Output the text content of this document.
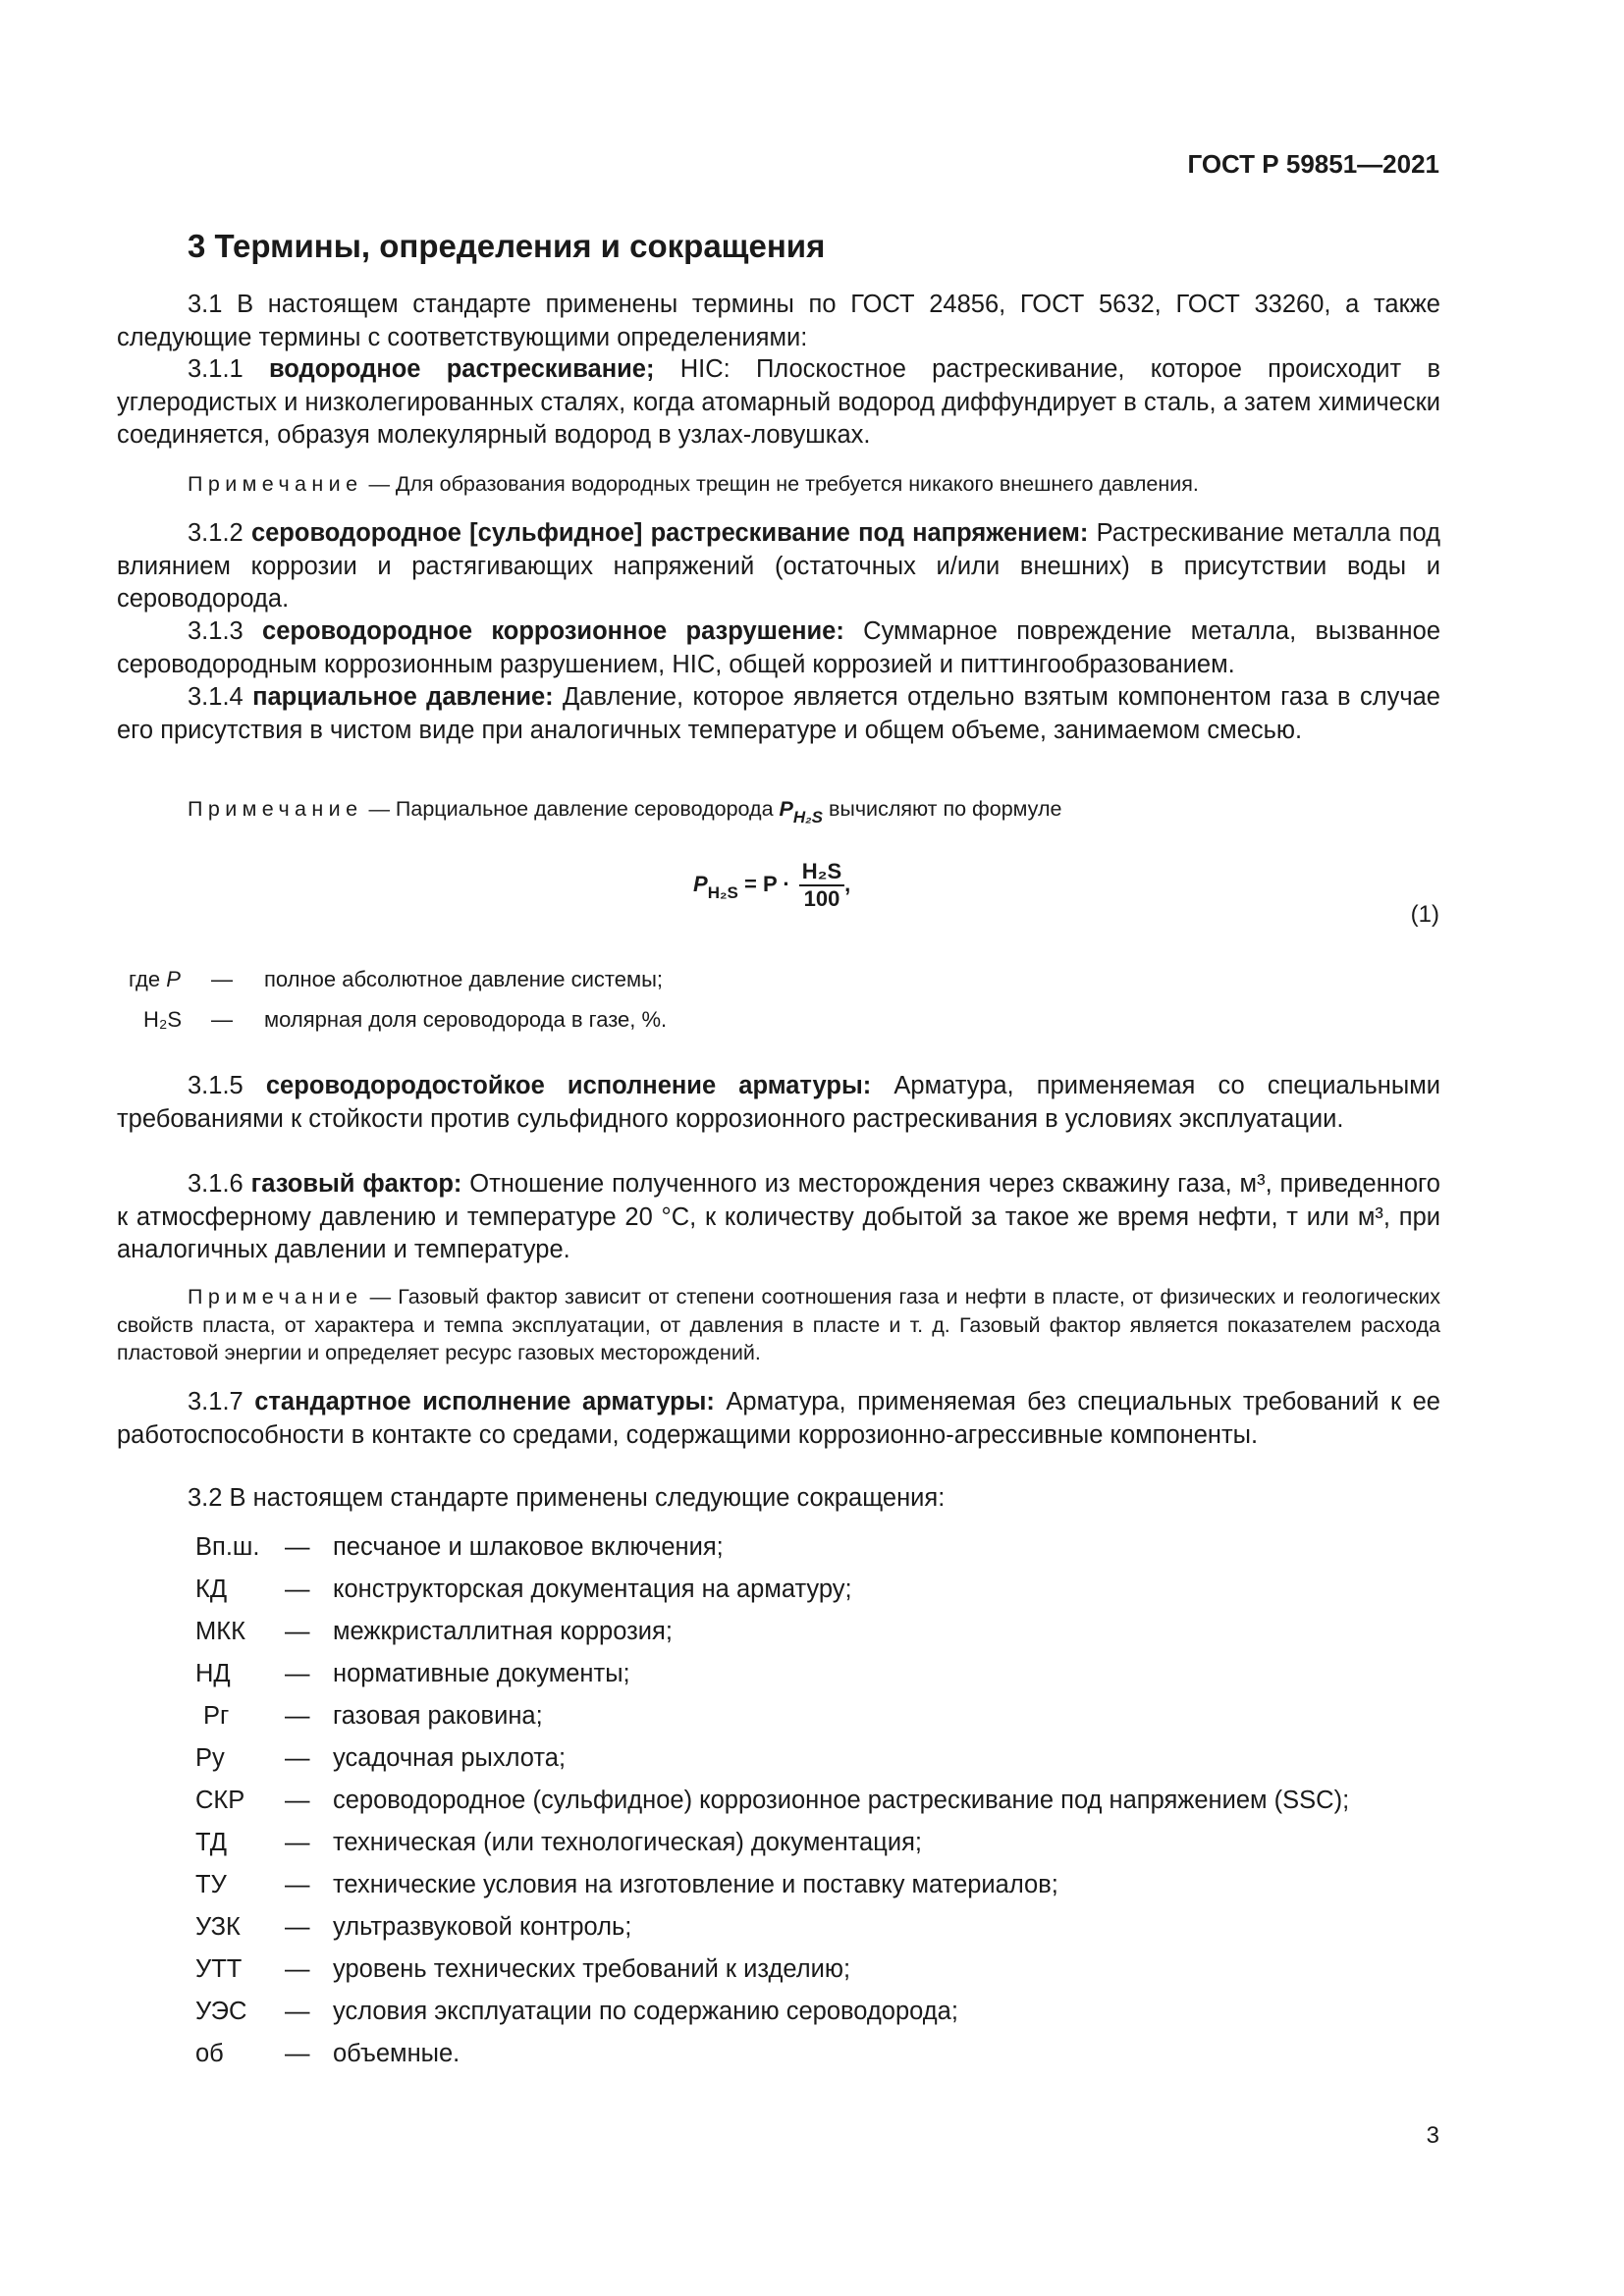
ГОСТ Р 59851—2021
3 Термины, определения и сокращения

3.1 В настоящем стандарте применены термины по ГОСТ 24856, ГОСТ 5632, ГОСТ 33260, а также следующие термины с соответствующими определениями:

3.1.1 водородное растрескивание; HIC: Плоскостное растрескивание, которое происходит в углеродистых и низколегированных сталях, когда атомарный водород диффундирует в сталь, а затем химически соединяется, образуя молекулярный водород в узлах-ловушках.

Примечание — Для образования водородных трещин не требуется никакого внешнего давления.

3.1.2 сероводородное [сульфидное] растрескивание под напряжением: Растрескивание металла под влиянием коррозии и растягивающих напряжений (остаточных и/или внешних) в присутствии воды и сероводорода.

3.1.3 сероводородное коррозионное разрушение: Суммарное повреждение металла, вызванное сероводородным коррозионным разрушением, HIC, общей коррозией и питтингообразованием.

3.1.4 парциальное давление: Давление, которое является отдельно взятым компонентом газа в случае его присутствия в чистом виде при аналогичных температуре и общем объеме, занимаемом смесью.

Примечание — Парциальное давление сероводорода $P_{H_2S}$ вычисляют по формуле

$P_{H_2S} = P \cdot \frac{\text{H₂S}}{100}$ ,
(1)
где P — полное абсолютное давление системы;
H₂S — молярная доля сероводорода в газе, %.

3.1.5 сероводородостойкое исполнение арматуры: Арматура, применяемая со специальными требованиями к стойкости против сульфидного коррозионного растрескивания в условиях эксплуатации.

3.1.6 газовый фактор: Отношение полученного из месторождения через скважину газа, м³, приведенного к атмосферному давлению и температуре 20 °С, к количеству добытой за такое же время нефти, т или м³, при аналогичных давлении и температуре.

Примечание — Газовый фактор зависит от степени соотношения газа и нефти в пласте, от физических и геологических свойств пласта, от характера и темпа эксплуатации, от давления в пласте и т. д. Газовый фактор является показателем расхода пластовой энергии и определяет ресурс газовых месторождений.

3.1.7 стандартное исполнение арматуры: Арматура, применяемая без специальных требований к ее работоспособности в контакте со средами, содержащими коррозионно-агрессивные компоненты.

3.2 В настоящем стандарте применены следующие сокращения:

Вп.ш. — песчаное и шлаковое включения;
КД — конструкторская документация на арматуру;
МКК — межкристаллитная коррозия;
НД — нормативные документы;
Рг — газовая раковина;
Ру — усадочная рыхлота;
СКР — сероводородное (сульфидное) коррозионное растрескивание под напряжением (SSC);
ТД — техническая (или технологическая) документация;
ТУ — технические условия на изготовление и поставку материалов;
УЗК — ультразвуковой контроль;
УТТ — уровень технических требований к изделию;
УЭС — условия эксплуатации по содержанию сероводорода;
об — объемные.
3
